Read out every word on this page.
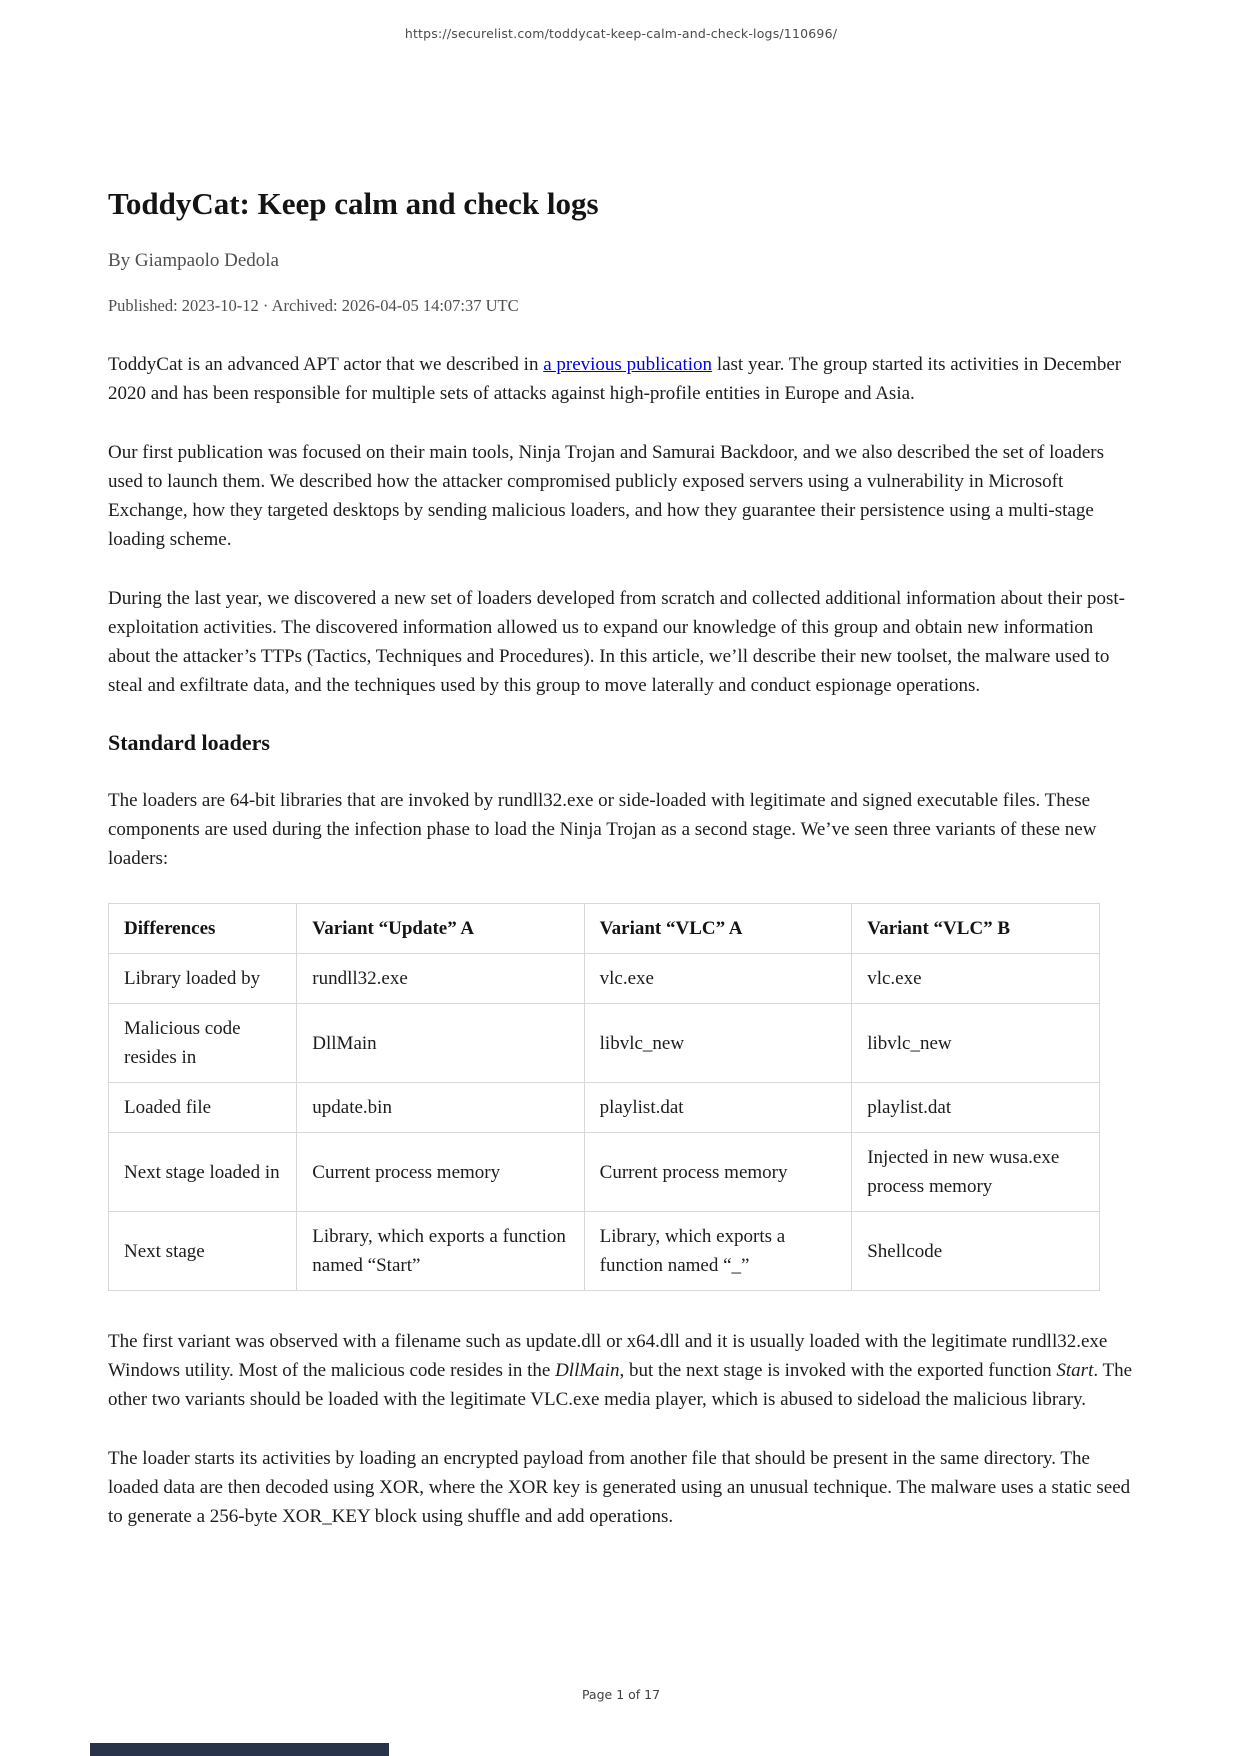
https://securelist.com/toddycat-keep-calm-and-check-logs/110696/
ToddyCat: Keep calm and check logs
By Giampaolo Dedola
Published: 2023-10-12 · Archived: 2026-04-05 14:07:37 UTC

ToddyCat is an advanced APT actor that we described in a previous publication last year. The group started its activities in December 2020 and has been responsible for multiple sets of attacks against high-profile entities in Europe and Asia.

Our first publication was focused on their main tools, Ninja Trojan and Samurai Backdoor, and we also described the set of loaders used to launch them. We described how the attacker compromised publicly exposed servers using a vulnerability in Microsoft Exchange, how they targeted desktops by sending malicious loaders, and how they guarantee their persistence using a multi-stage loading scheme.

During the last year, we discovered a new set of loaders developed from scratch and collected additional information about their post-exploitation activities. The discovered information allowed us to expand our knowledge of this group and obtain new information about the attacker’s TTPs (Tactics, Techniques and Procedures). In this article, we’ll describe their new toolset, the malware used to steal and exfiltrate data, and the techniques used by this group to move laterally and conduct espionage operations.

Standard loaders

The loaders are 64-bit libraries that are invoked by rundll32.exe or side-loaded with legitimate and signed executable files. These components are used during the infection phase to load the Ninja Trojan as a second stage. We’ve seen three variants of these new loaders:

Differences	Variant “Update” A	Variant “VLC” A	Variant “VLC” B
Library loaded by	rundll32.exe	vlc.exe	vlc.exe
Malicious code resides in	DllMain	libvlc_new	libvlc_new
Loaded file	update.bin	playlist.dat	playlist.dat
Next stage loaded in	Current process memory	Current process memory	Injected in new wusa.exe process memory
Next stage	Library, which exports a function named “Start”	Library, which exports a function named “_”	Shellcode

The first variant was observed with a filename such as update.dll or x64.dll and it is usually loaded with the legitimate rundll32.exe Windows utility. Most of the malicious code resides in the DllMain, but the next stage is invoked with the exported function Start. The other two variants should be loaded with the legitimate VLC.exe media player, which is abused to sideload the malicious library.

The loader starts its activities by loading an encrypted payload from another file that should be present in the same directory. The loaded data are then decoded using XOR, where the XOR key is generated using an unusual technique. The malware uses a static seed to generate a 256-byte XOR_KEY block using shuffle and add operations.

Page 1 of 17
